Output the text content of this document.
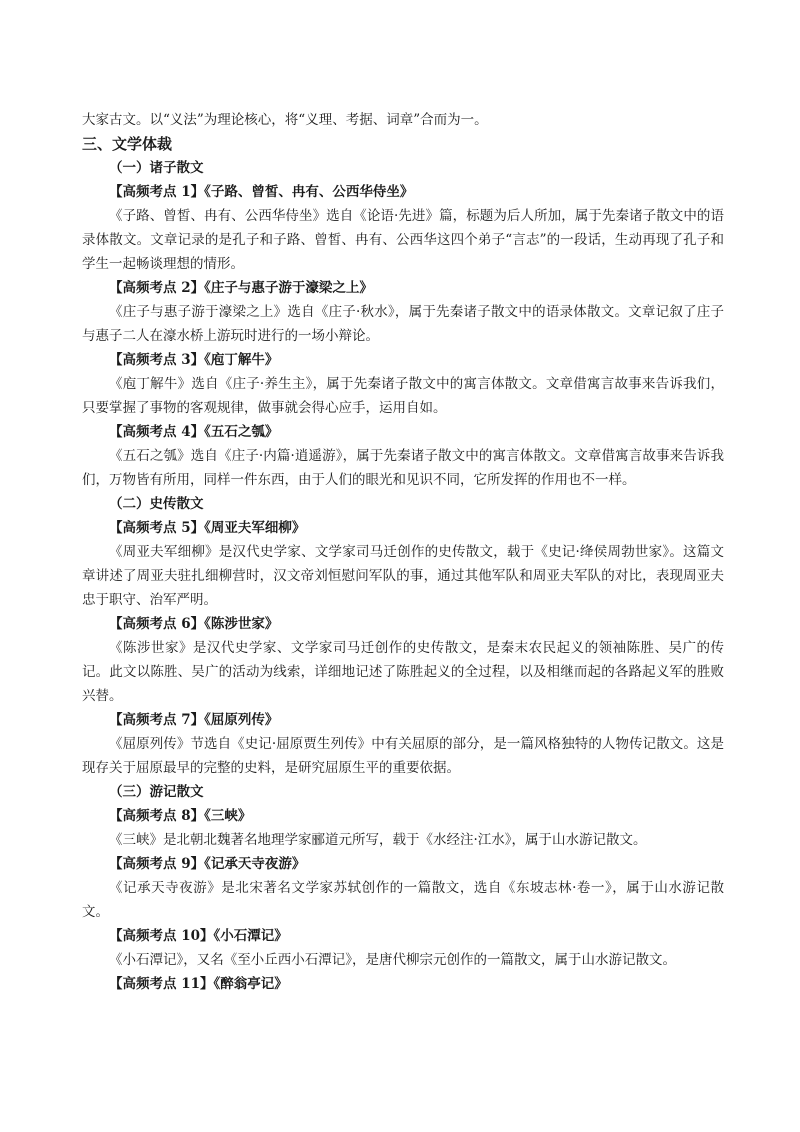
大家古文。以“义法”为理论核心，将“义理、考据、词章”合而为一。

三、文学体裁

（一）诸子散文

【高频考点 1】《子路、曾皙、冉有、公西华侍坐》

《子路、曾皙、冉有、公西华侍坐》选自《论语·先进》篇，标题为后人所加，属于先秦诸子散文中的语录体散文。文章记录的是孔子和子路、曾皙、冉有、公西华这四个弟子“言志”的一段话，生动再现了孔子和学生一起畅谈理想的情形。

【高频考点 2】《庄子与惠子游于濠梁之上》

《庄子与惠子游于濠梁之上》选自《庄子·秋水》，属于先秦诸子散文中的语录体散文。文章记叙了庄子与惠子二人在濠水桥上游玩时进行的一场小辩论。

【高频考点 3】《庖丁解牛》

《庖丁解牛》选自《庄子·养生主》，属于先秦诸子散文中的寓言体散文。文章借寓言故事来告诉我们，只要掌握了事物的客观规律，做事就会得心应手，运用自如。

【高频考点 4】《五石之瓠》

《五石之瓠》选自《庄子·内篇·逍遥游》，属于先秦诸子散文中的寓言体散文。文章借寓言故事来告诉我们，万物皆有所用，同样一件东西，由于人们的眼光和见识不同，它所发挥的作用也不一样。

（二）史传散文

【高频考点 5】《周亚夫军细柳》

《周亚夫军细柳》是汉代史学家、文学家司马迁创作的史传散文，载于《史记·绛侯周勃世家》。这篇文章讲述了周亚夫驻扎细柳营时，汉文帝刘恒慰问军队的事，通过其他军队和周亚夫军队的对比，表现周亚夫忠于职守、治军严明。

【高频考点 6】《陈涉世家》

《陈涉世家》是汉代史学家、文学家司马迁创作的史传散文，是秦末农民起义的领袖陈胜、吴广的传记。此文以陈胜、吴广的活动为线索，详细地记述了陈胜起义的全过程，以及相继而起的各路起义军的胜败兴替。

【高频考点 7】《屈原列传》

《屈原列传》节选自《史记·屈原贾生列传》中有关屈原的部分，是一篇风格独特的人物传记散文。这是现存关于屈原最早的完整的史料，是研究屈原生平的重要依据。

（三）游记散文

【高频考点 8】《三峡》

《三峡》是北朝北魏著名地理学家郦道元所写，载于《水经注·江水》，属于山水游记散文。

【高频考点 9】《记承天寺夜游》

《记承天寺夜游》是北宋著名文学家苏轼创作的一篇散文，选自《东坡志林·卷一》，属于山水游记散文。

【高频考点 10】《小石潭记》

《小石潭记》，又名《至小丘西小石潭记》，是唐代柳宗元创作的一篇散文，属于山水游记散文。

【高频考点 11】《醉翁亭记》
